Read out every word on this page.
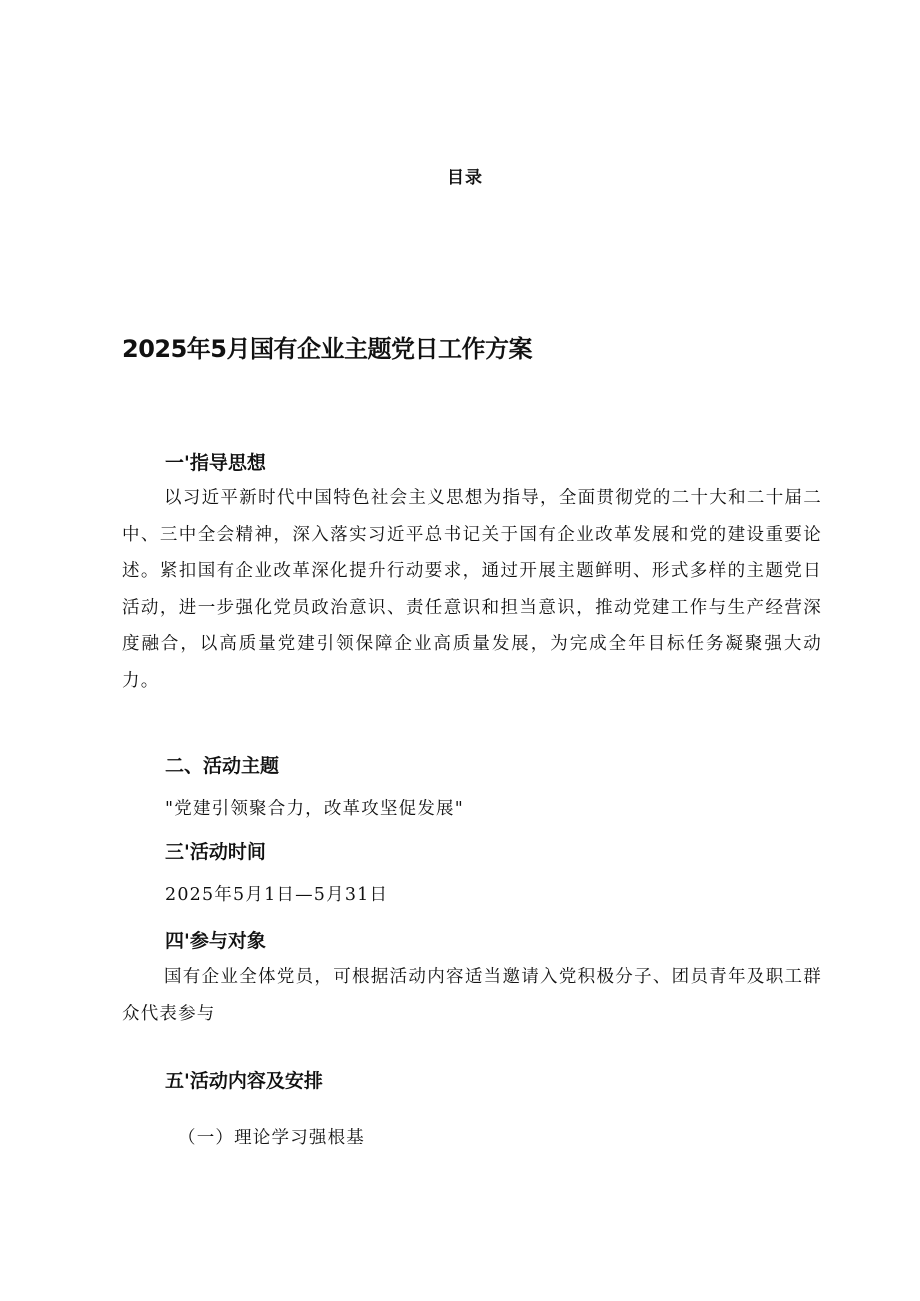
目录
2025年5月国有企业主题党日工作方案
一'指导思想

以习近平新时代中国特色社会主义思想为指导，全面贯彻党的二十大和二十届二中、三中全会精神，深入落实习近平总书记关于国有企业改革发展和党的建设重要论述。紧扣国有企业改革深化提升行动要求，通过开展主题鲜明、形式多样的主题党日活动，进一步强化党员政治意识、责任意识和担当意识，推动党建工作与生产经营深度融合，以高质量党建引领保障企业高质量发展，为完成全年目标任务凝聚强大动力。

二、活动主题
"党建引领聚合力，改革攻坚促发展"
三'活动时间
2025年5月1日—5月31日
四'参与对象

国有企业全体党员，可根据活动内容适当邀请入党积极分子、团员青年及职工群众代表参与

五'活动内容及安排
（一）理论学习强根基
